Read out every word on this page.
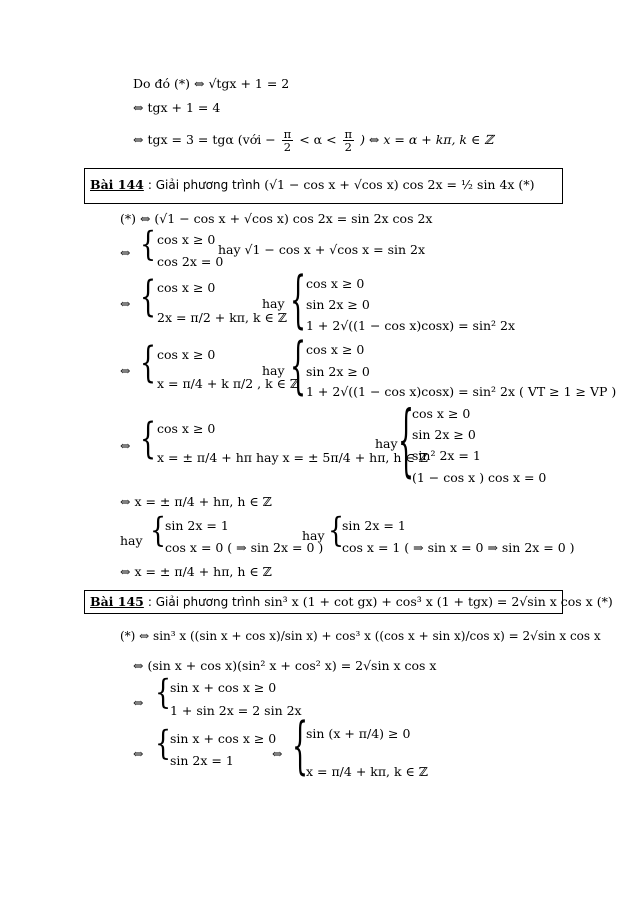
Do đó (*) ⇔ √tgx + 1 = 2
⇔ tgx + 1 = 4
⇔ tgx = 3 = tgα (với − $\frac{\pi}{2} < \alpha < \frac{\pi}{2}$ ) ⇔ x = α + kπ, k ∈ ℤ
Bài 144 : Giải phương trình (√1 − cos x + √cos x) cos 2x = ½ sin 4x (*)
(*) ⇔ (√1 − cos x + √cos x) cos 2x = sin 2x cos 2x
⇔ { cos x ≥ 0
cos 2x = 0
hay √1 − cos x + √cos x = sin 2x
⇔ { cos x ≥ 0
2x = π/2 + kπ, k ∈ ℤ
hay { cos x ≥ 0
sin 2x ≥ 0
1 + 2√((1 − cos x)cosx) = sin² 2x
⇔ { cos x ≥ 0
x = π/4 + k π/2 , k ∈ ℤ
hay { cos x ≥ 0
sin 2x ≥ 0
1 + 2√((1 − cos x)cosx) = sin² 2x ( VT ≥ 1 ≥ VP )
⇔ { cos x ≥ 0
x = ± π/4 + hπ hay x = ± 5π/4 + hπ, h ∈ ℤ
hay {
cos x ≥ 0
sin 2x ≥ 0
sin² 2x = 1
(1 − cos x ) cos x = 0
⇔ x = ± π/4 + hπ, h ∈ ℤ
hay {
sin 2x = 1
cos x = 0 ( ⇒ sin 2x = 0 )
hay {
sin 2x = 1
cos x = 1 ( ⇒ sin x = 0 ⇒ sin 2x = 0 )
⇔ x = ± π/4 + hπ, h ∈ ℤ
Bài 145 : Giải phương trình sin³ x (1 + cot gx) + cos³ x (1 + tgx) = 2√sin x cos x (*)
(*) ⇔ sin³ x ((sin x + cos x)/sin x) + cos³ x ((cos x + sin x)/cos x) = 2√sin x cos x
⇔ (sin x + cos x)(sin² x + cos² x) = 2√sin x cos x
⇔ {
sin x + cos x ≥ 0
1 + sin 2x = 2 sin 2x
⇔ {
sin x + cos x ≥ 0
sin 2x = 1	⇔ {
sin (x + π/4) ≥ 0
x = π/4 + kπ, k ∈ ℤ
